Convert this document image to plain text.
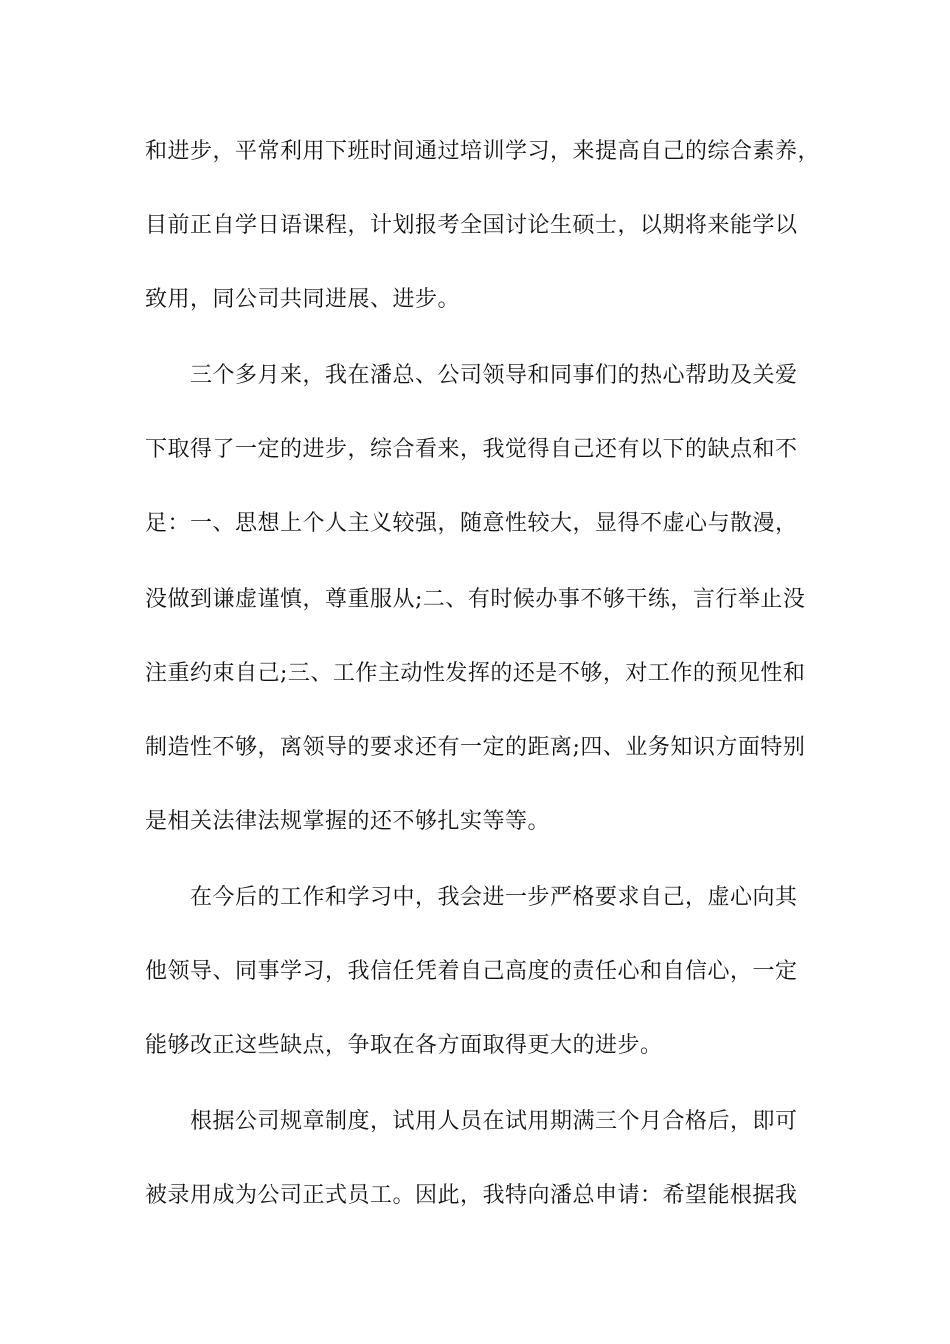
和进步，平常利用下班时间通过培训学习，来提高自己的综合素养，
目前正自学日语课程，计划报考全国讨论生硕士，以期将来能学以
致用，同公司共同进展、进步。
三个多月来，我在潘总、公司领导和同事们的热心帮助及关爱
下取得了一定的进步，综合看来，我觉得自己还有以下的缺点和不
足：一、思想上个人主义较强，随意性较大，显得不虚心与散漫，
没做到谦虚谨慎，尊重服从;二、有时候办事不够干练，言行举止没
注重约束自己;三、工作主动性发挥的还是不够，对工作的预见性和
制造性不够，离领导的要求还有一定的距离;四、业务知识方面特别
是相关法律法规掌握的还不够扎实等等。
在今后的工作和学习中，我会进一步严格要求自己，虚心向其
他领导、同事学习，我信任凭着自己高度的责任心和自信心，一定
能够改正这些缺点，争取在各方面取得更大的进步。
根据公司规章制度，试用人员在试用期满三个月合格后，即可
被录用成为公司正式员工。因此，我特向潘总申请：希望能根据我
